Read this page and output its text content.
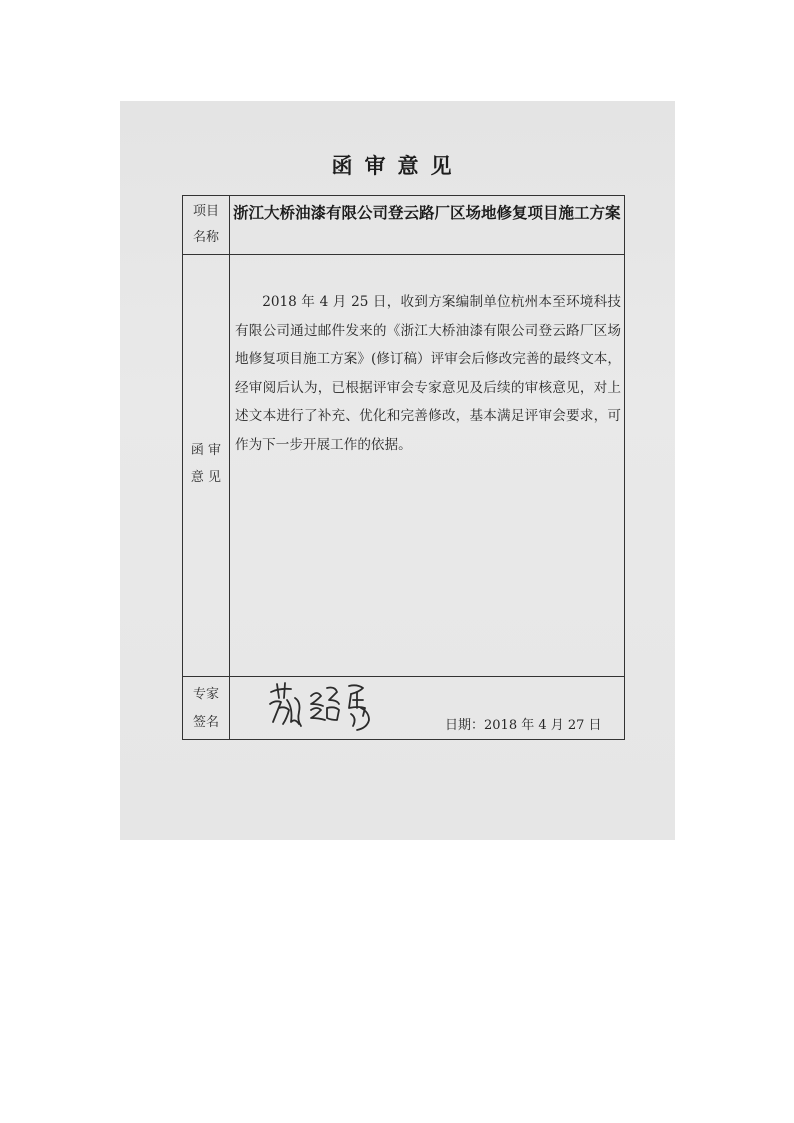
函审意见
项目
名称
浙江大桥油漆有限公司登云路厂区场地修复项目施工方案
函 审
意 见
2018 年 4 月 25 日，收到方案编制单位杭州本至环境科技有限公司通过邮件发来的《浙江大桥油漆有限公司登云路厂区场地修复项目施工方案》(修订稿）评审会后修改完善的最终文本，经审阅后认为，已根据评审会专家意见及后续的审核意见，对上述文本进行了补充、优化和完善修改，基本满足评审会要求，可作为下一步开展工作的依据。
专家
签名	日期：2018 年 4 月 27 日
